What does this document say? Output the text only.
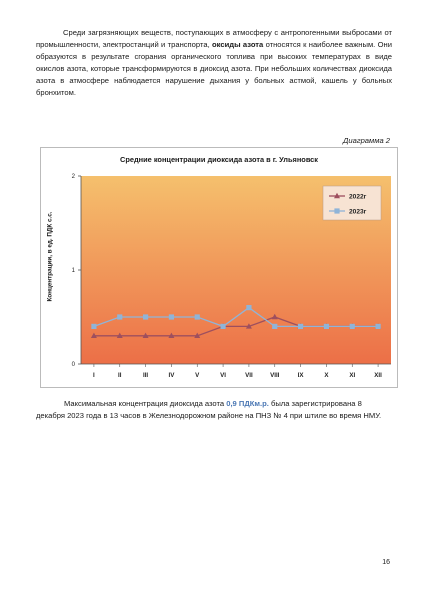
Среди загрязняющих веществ, поступающих в атмосферу с антропогенными выбросами от промышленности, электростанций и транспорта, оксиды азота относятся к наиболее важным. Они образуются в результате сгорания органического топлива при высоких температурах в виде окислов азота, которые трансформируются в диоксид азота. При небольших количествах диоксида азота в атмосфере наблюдается нарушение дыхания у больных астмой, кашель у больных бронхитом.
Диаграмма 2
Средние концентрации диоксида азота в г. Ульяновск
Концентрации, в ед. ПДК с.с.
0
1
2
I	II	III	IV	V	VI	VII	VIII	IX	X	XI	XII
2022г
2023г
Максимальная концентрация диоксида азота 0,9 ПДКм.р. была зарегистрирована 8 декабря 2023 года в 13 часов в Железнодорожном районе на ПНЗ № 4 при штиле во время НМУ.
16
